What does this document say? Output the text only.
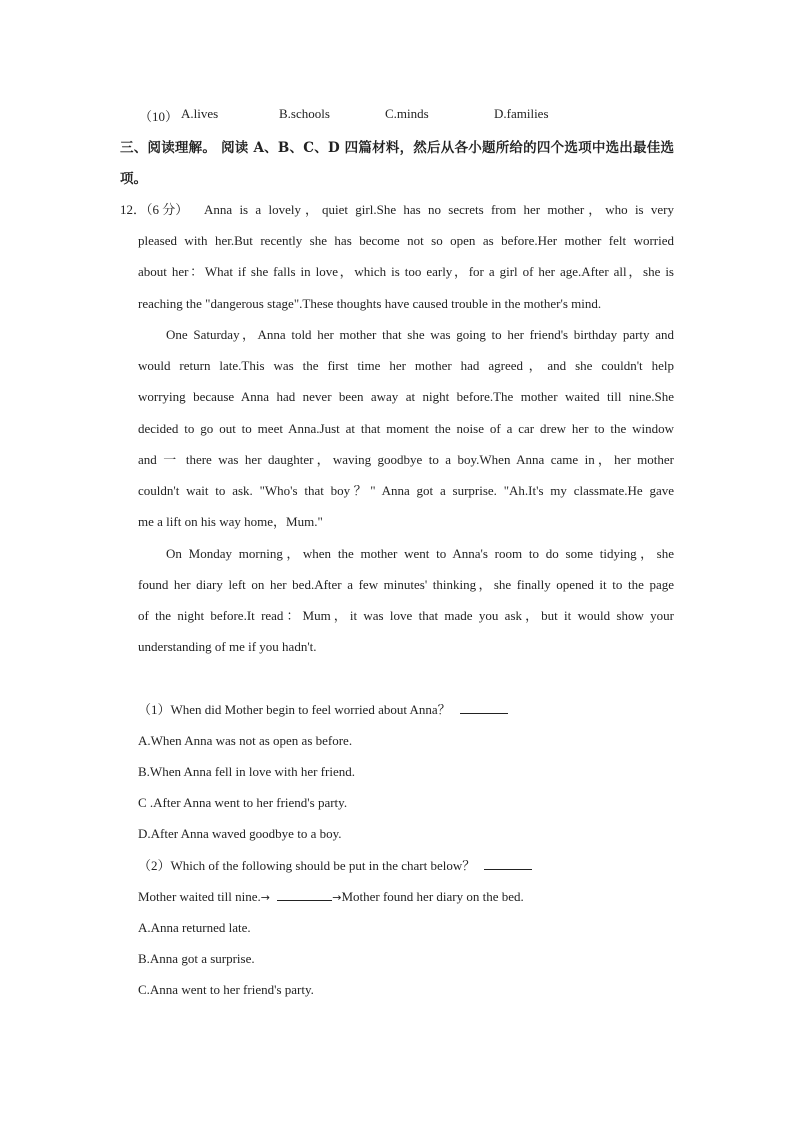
（10） A.lives	B.schools	C.minds	D.families
三、阅读理解。 阅读 A、B、C、D 四篇材料，然后从各小题所给的四个选项中选出最佳选
项。
12．（6 分） Anna is a lovely，quiet girl.She has no secrets from her mother，who is very
pleased with her.But recently she has become not so open as before.Her mother felt worried
about her：What if she falls in love，which is too early，for a girl of her age.After all，she is
reaching the "dangerous stage".These thoughts have caused trouble in the mother's mind.
One Saturday，Anna told her mother that she was going to her friend's birthday party and
would return late.This was the first time her mother had agreed，and she couldn't help
worrying because Anna had never been away at night before.The mother waited till nine.She
decided to go out to meet Anna.Just at that moment the noise of a car drew her to the window
and 一 there was her daughter，waving goodbye to a boy.When Anna came in，her mother
couldn't wait to ask. "Who's that boy？" Anna got a surprise. "Ah.It's my classmate.He gave
me a lift on his way home，Mum."
On Monday morning，when the mother went to Anna's room to do some tidying，she
found her diary left on her bed.After a few minutes' thinking，she finally opened it to the page
of the night before.It read：Mum，it was love that made you ask，but it would show your
understanding of me if you hadn't.
（1）When did Mother begin to feel worried about Anna？
A.When Anna was not as open as before.
B.When Anna fell in love with her friend.
C .After Anna went to her friend's party.
D.After Anna waved goodbye to a boy.
（2）Which of the following should be put in the chart below？
Mother waited till nine.→	→Mother found her diary on the bed.
A.Anna returned late.
B.Anna got a surprise.
C.Anna went to her friend's party.
